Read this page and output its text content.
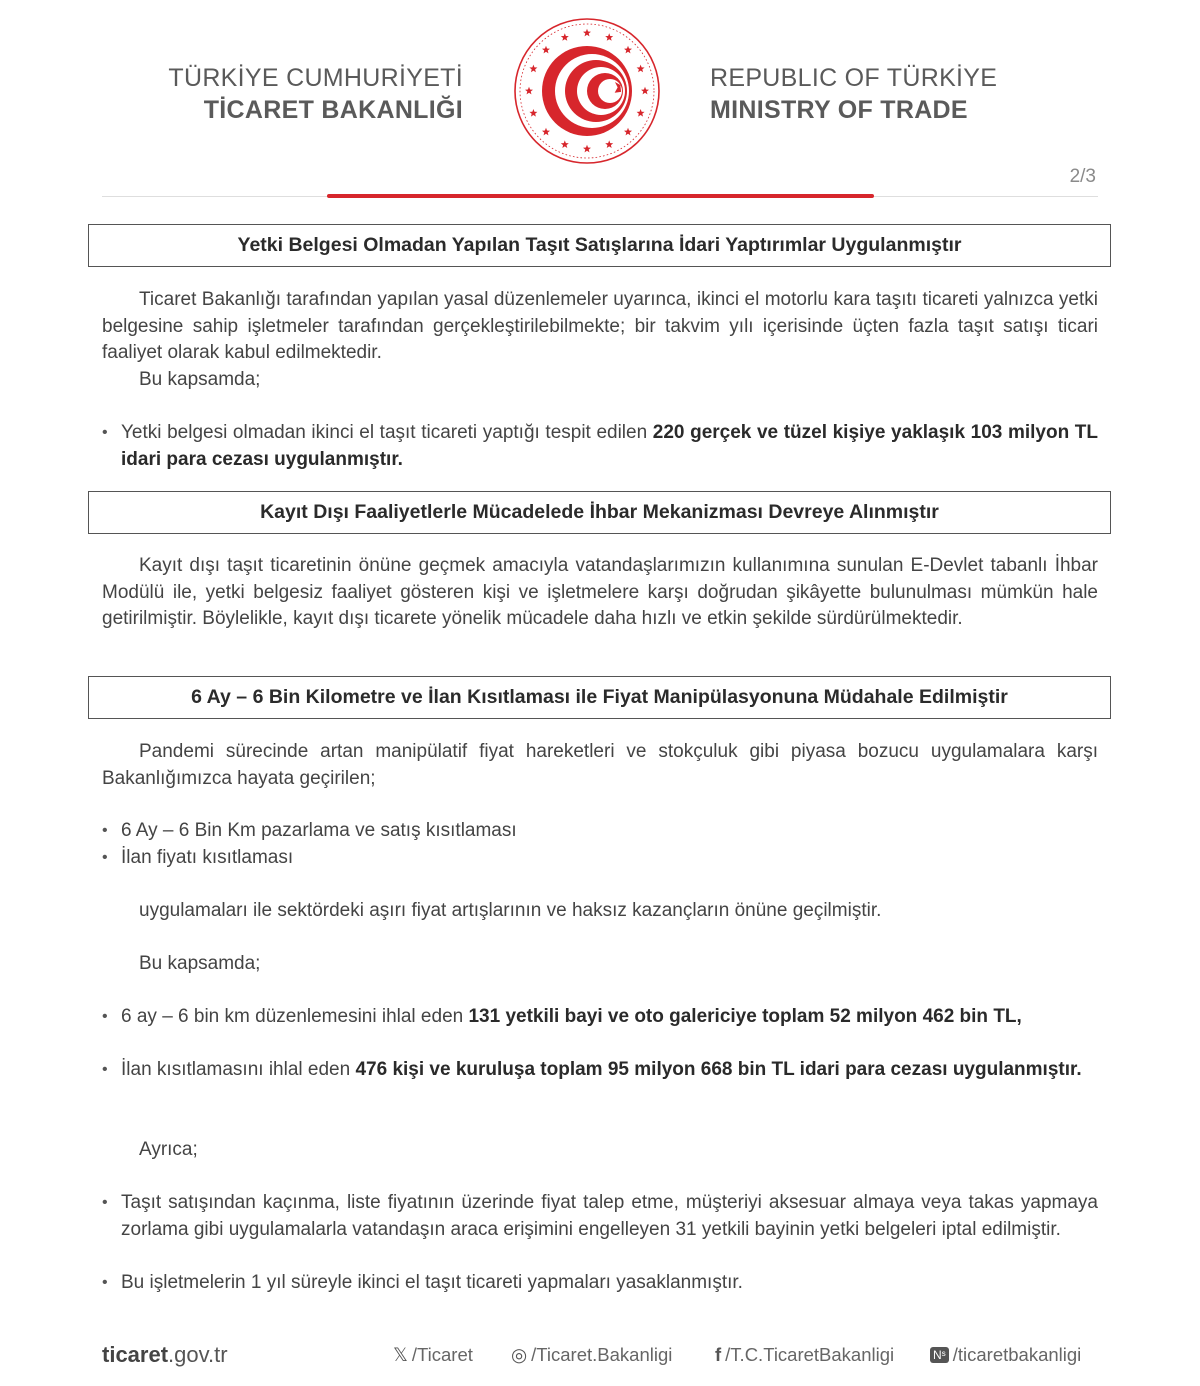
TÜRKİYE CUMHURİYETİ
TİCARET BAKANLIĞI
REPUBLIC OF TÜRKİYE
MINISTRY OF TRADE
2/3
Yetki Belgesi Olmadan Yapılan Taşıt Satışlarına İdari Yaptırımlar Uygulanmıştır
Ticaret Bakanlığı tarafından yapılan yasal düzenlemeler uyarınca, ikinci el motorlu kara taşıtı ticareti yalnızca yetki belgesine sahip işletmeler tarafından gerçekleştirilebilmekte; bir takvim yılı içerisinde üçten fazla taşıt satışı ticari faaliyet olarak kabul edilmektedir.
Bu kapsamda;
• Yetki belgesi olmadan ikinci el taşıt ticareti yaptığı tespit edilen 220 gerçek ve tüzel kişiye yaklaşık 103 milyon TL idari para cezası uygulanmıştır.
Kayıt Dışı Faaliyetlerle Mücadelede İhbar Mekanizması Devreye Alınmıştır
Kayıt dışı taşıt ticaretinin önüne geçmek amacıyla vatandaşlarımızın kullanımına sunulan E-Devlet tabanlı İhbar Modülü ile, yetki belgesiz faaliyet gösteren kişi ve işletmelere karşı doğrudan şikâyette bulunulması mümkün hale getirilmiştir. Böylelikle, kayıt dışı ticarete yönelik mücadele daha hızlı ve etkin şekilde sürdürülmektedir.
6 Ay – 6 Bin Kilometre ve İlan Kısıtlaması ile Fiyat Manipülasyonuna Müdahale Edilmiştir
Pandemi sürecinde artan manipülatif fiyat hareketleri ve stokçuluk gibi piyasa bozucu uygulamalara karşı Bakanlığımızca hayata geçirilen;
• 6 Ay – 6 Bin Km pazarlama ve satış kısıtlaması
• İlan fiyatı kısıtlaması
uygulamaları ile sektördeki aşırı fiyat artışlarının ve haksız kazançların önüne geçilmiştir.
Bu kapsamda;
• 6 ay – 6 bin km düzenlemesini ihlal eden 131 yetkili bayi ve oto galericiye toplam 52 milyon 462 bin TL,
• İlan kısıtlamasını ihlal eden 476 kişi ve kuruluşa toplam 95 milyon 668 bin TL idari para cezası uygulanmıştır.
Ayrıca;
• Taşıt satışından kaçınma, liste fiyatının üzerinde fiyat talep etme, müşteriyi aksesuar almaya veya takas yapmaya zorlama gibi uygulamalarla vatandaşın araca erişimini engelleyen 31 yetkili bayinin yetki belgeleri iptal edilmiştir.
• Bu işletmelerin 1 yıl süreyle ikinci el taşıt ticareti yapmaları yasaklanmıştır.
ticaret.gov.tr	𝕏 /Ticaret ◎ /Ticaret.Bakanligi f /T.C.TicaretBakanligi	Nˢ /ticaretbakanligi
